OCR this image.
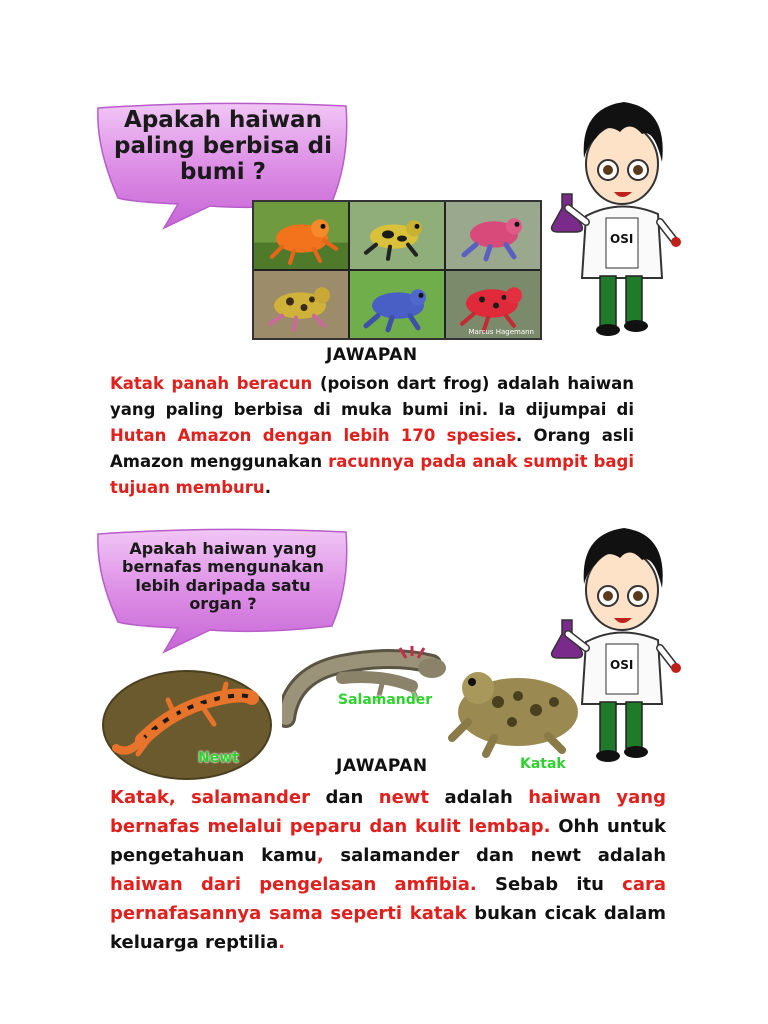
Apakah haiwan
paling berbisa di
bumi ?
Marcus Hagemann
OSI
JAWAPAN
Katak panah beracun (poison dart frog) adalah haiwan yang paling berbisa di muka bumi ini. Ia dijumpai di Hutan Amazon dengan lebih 170 spesies. Orang asli Amazon menggunakan racunnya pada anak sumpit bagi tujuan memburu.
Apakah haiwan yang
bernafas mengunakan
lebih daripada satu
organ ?
Newt
Salamander
Katak
OSI
JAWAPAN
Katak, salamander dan newt adalah haiwan yang bernafas melalui peparu dan kulit lembap. Ohh untuk pengetahuan kamu, salamander dan newt adalah haiwan dari pengelasan amfibia. Sebab itu cara pernafasannya sama seperti katak bukan cicak dalam keluarga reptilia.
